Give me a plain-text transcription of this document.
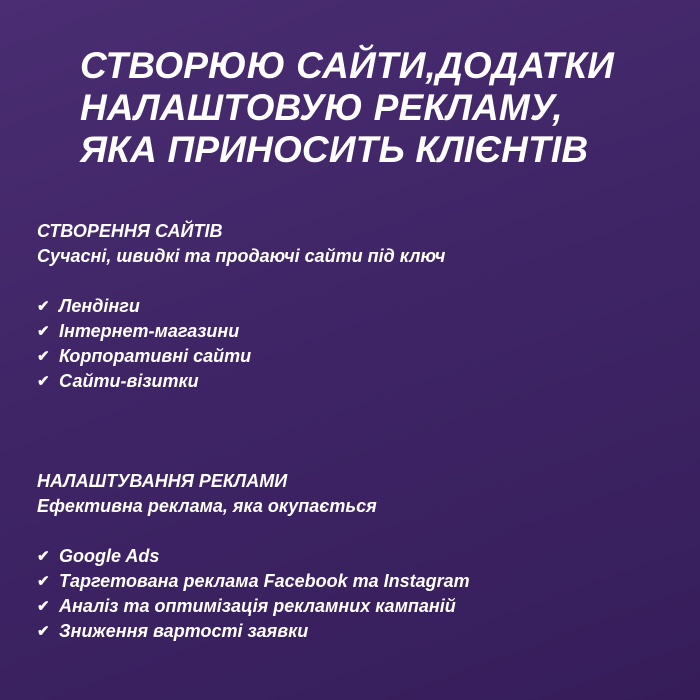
СТВОРЮЮ САЙТИ,ДОДАТКИ
НАЛАШТОВУЮ РЕКЛАМУ,
ЯКА ПРИНОСИТЬ КЛІЄНТІВ
СТВОРЕННЯ САЙТІВ
Сучасні, швидкі та продаючі сайти під ключ
✔ Лендінги
✔ Інтернет-магазини
✔ Корпоративні сайти
✔ Сайти-візитки
НАЛАШТУВАННЯ РЕКЛАМИ
Ефективна реклама, яка окупається
✔ Google Ads
✔ Таргетована реклама Facebook та Instagram
✔ Аналіз та оптимізація рекламних кампаній
✔ Зниження вартості заявки
